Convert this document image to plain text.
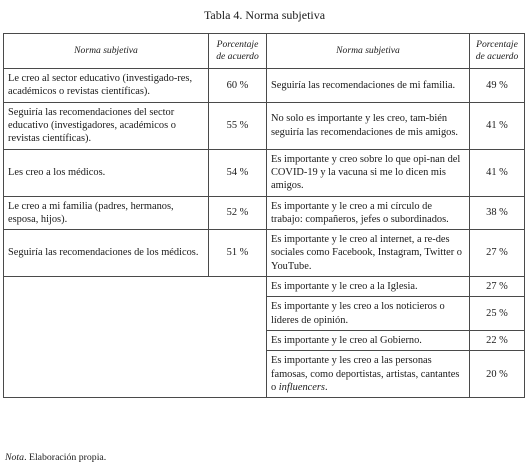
Tabla 4. Norma subjetiva
Norma subjetiva	Porcentaje de acuerdo	Norma subjetiva	Porcentaje de acuerdo
Le creo al sector educativo (investigado-res, académicos o revistas científicas).	60 %	Seguiría las recomendaciones de mi familia.	49 %
Seguiría las recomendaciones del sector educativo (investigadores, académicos o revistas científicas).	55 %	No solo es importante y les creo, tam-bién seguiría las recomendaciones de mis amigos.	41 %
Les creo a los médicos.	54 %	Es importante y creo sobre lo que opi-nan del COVID-19 y la vacuna si me lo dicen mis amigos.	41 %
Le creo a mi familia (padres, hermanos, esposa, hijos).	52 %	Es importante y le creo a mi círculo de trabajo: compañeros, jefes o subordinados.	38 %
Seguiría las recomendaciones de los médicos.	51 %	Es importante y le creo al internet, a re-des sociales como Facebook, Instagram, Twitter o YouTube.	27 %
		Es importante y le creo a la Iglesia.	27 %
		Es importante y les creo a los noticieros o líderes de opinión.	25 %
		Es importante y le creo al Gobierno.	22 %
		Es importante y les creo a las personas famosas, como deportistas, artistas, cantantes o influencers.	20 %
Nota. Elaboración propia.
